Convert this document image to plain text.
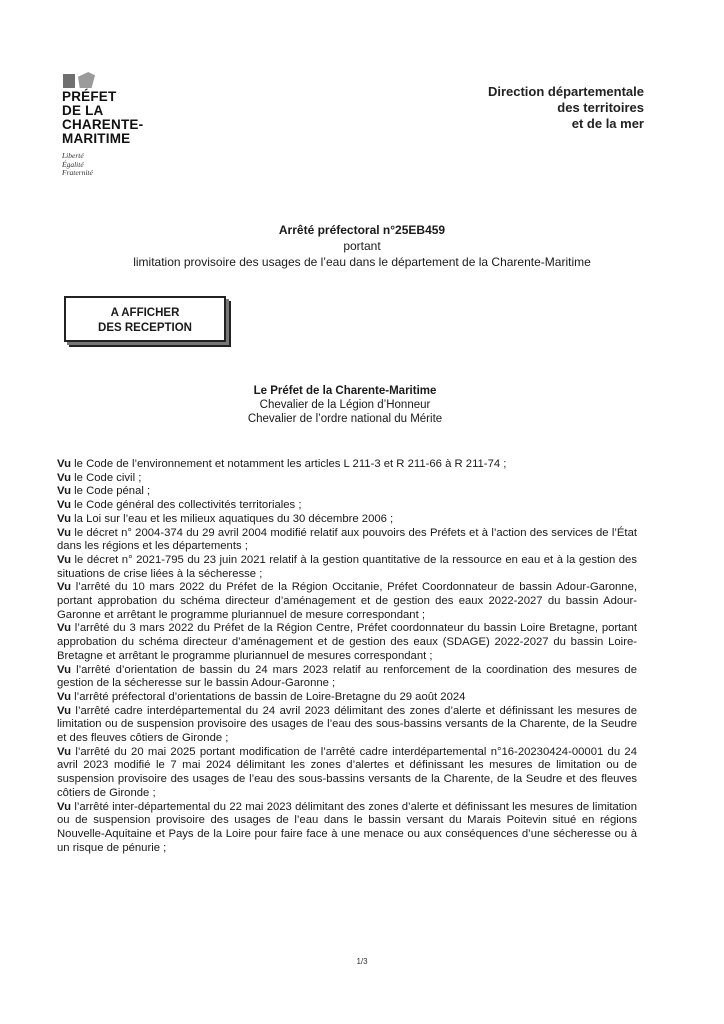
PRÉFET
DE LA
CHARENTE-
MARITIME
Liberté
Égalité
Fraternité
Direction départementale
des territoires
et de la mer
Arrêté préfectoral n°25EB459
portant
limitation provisoire des usages de l’eau dans le département de la Charente-Maritime
A AFFICHER
DES RECEPTION
Le Préfet de la Charente-Maritime
Chevalier de la Légion d’Honneur
Chevalier de l’ordre national du Mérite
Vu le Code de l’environnement et notamment les articles L 211-3 et R 211-66 à R 211-74 ;
Vu le Code civil ;
Vu le Code pénal ;
Vu le Code général des collectivités territoriales ;
Vu la Loi sur l’eau et les milieux aquatiques du 30 décembre 2006 ;
Vu le décret n° 2004-374 du 29 avril 2004 modifié relatif aux pouvoirs des Préfets et à l’action des services de l’État dans les régions et les départements ;
Vu le décret n° 2021-795 du 23 juin 2021 relatif à la gestion quantitative de la ressource en eau et à la gestion des situations de crise liées à la sécheresse ;
Vu l’arrêté du 10 mars 2022 du Préfet de la Région Occitanie, Préfet Coordonnateur de bassin Adour-Garonne, portant approbation du schéma directeur d’aménagement et de gestion des eaux 2022-2027 du bassin Adour-Garonne et arrêtant le programme pluriannuel de mesure correspondant ;
Vu l’arrêté du 3 mars 2022 du Préfet de la Région Centre, Préfet coordonnateur du bassin Loire Bretagne, portant approbation du schéma directeur d’aménagement et de gestion des eaux (SDAGE) 2022-2027 du bassin Loire-Bretagne et arrêtant le programme pluriannuel de mesures correspondant ;
Vu l’arrêté d’orientation de bassin du 24 mars 2023 relatif au renforcement de la coordination des mesures de gestion de la sécheresse sur le bassin Adour-Garonne ;
Vu l’arrêté préfectoral d’orientations de bassin de Loire-Bretagne du 29 août 2024
Vu l’arrêté cadre interdépartemental du 24 avril 2023 délimitant des zones d’alerte et définissant les mesures de limitation ou de suspension provisoire des usages de l’eau des sous-bassins versants de la Charente, de la Seudre et des fleuves côtiers de Gironde ;
Vu l’arrêté du 20 mai 2025 portant modification de l’arrêté cadre interdépartemental n°16-20230424-00001 du 24 avril 2023 modifié le 7 mai 2024 délimitant les zones d’alertes et définissant les mesures de limitation ou de suspension provisoire des usages de l’eau des sous-bassins versants de la Charente, de la Seudre et des fleuves côtiers de Gironde ;
Vu l’arrêté inter-départemental du 22 mai 2023 délimitant des zones d’alerte et définissant les mesures de limitation ou de suspension provisoire des usages de l’eau dans le bassin versant du Marais Poitevin situé en régions Nouvelle-Aquitaine et Pays de la Loire pour faire face à une menace ou aux conséquences d’une sécheresse ou à un risque de pénurie ;
1/3
